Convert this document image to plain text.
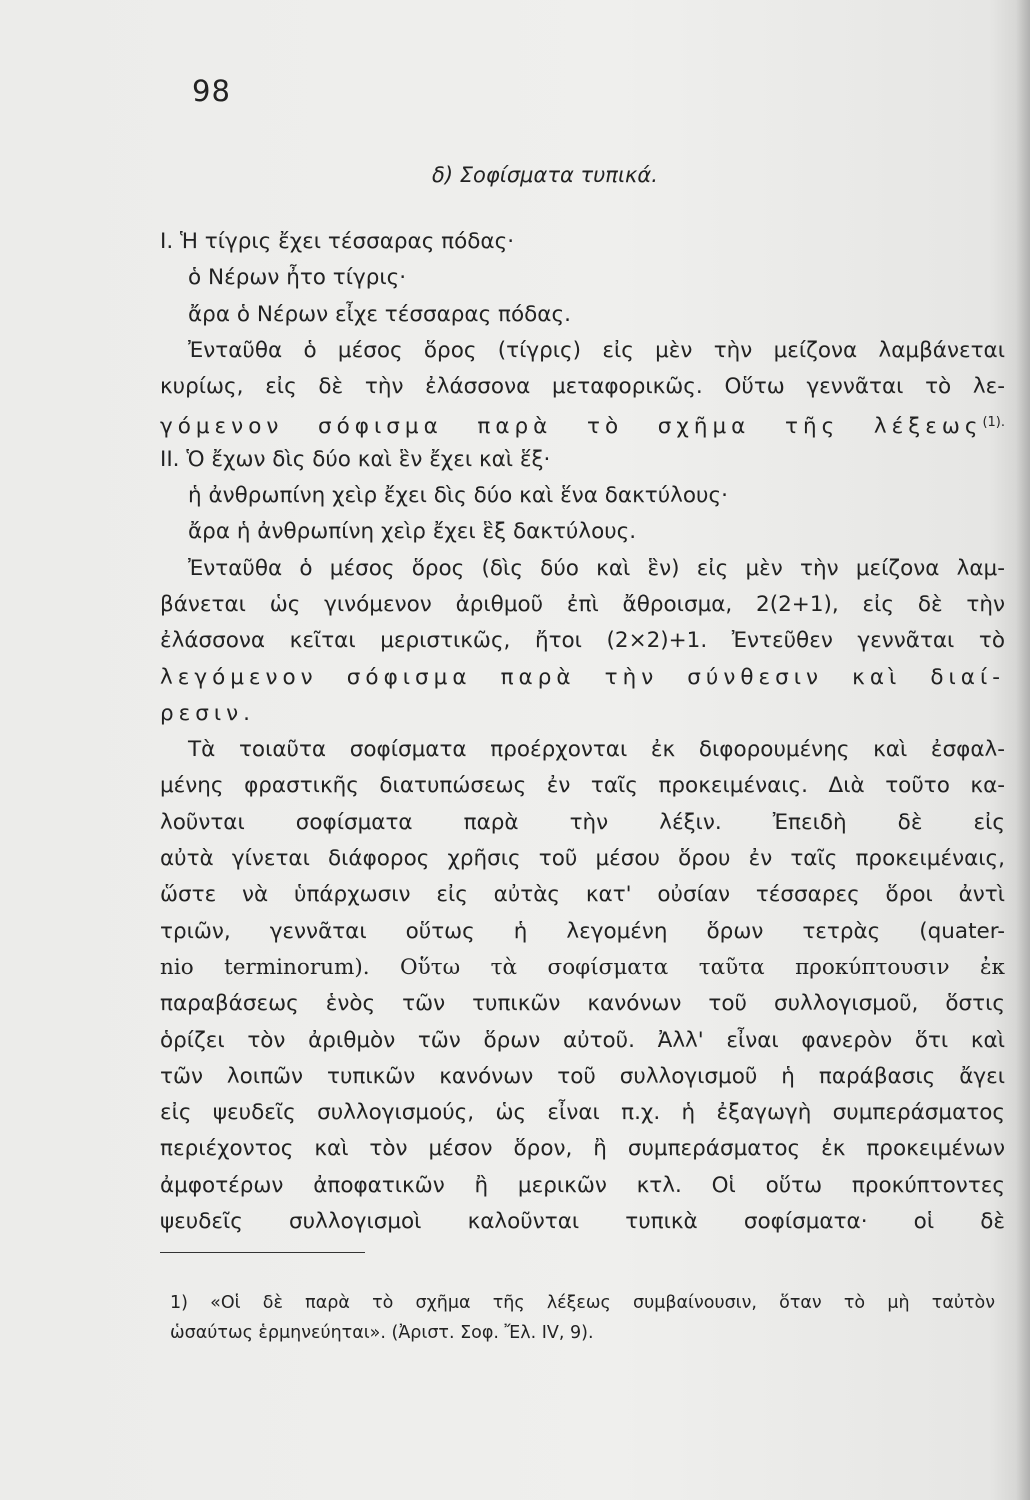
98
δ) Σοφίσματα τυπικά.
I. Ἡ τίγρις ἔχει τέσσαρας πόδας·
ὁ Νέρων ἦτο τίγρις·
ἄρα ὁ Νέρων εἶχε τέσσαρας πόδας.
Ἐνταῦθα ὁ μέσος ὅρος (τίγρις) εἰς μὲν τὴν μείζονα λαμβάνεται
κυρίως, εἰς δὲ τὴν ἐλάσσονα μεταφορικῶς. Οὕτω γεννᾶται τὸ λε-
γόμενον σόφισμα παρὰ τὸ σχῆμα τῆς λέξεως$^{(1).}$
II. Ὁ ἔχων δὶς δύο καὶ ἓν ἔχει καὶ ἕξ·
ἡ ἀνθρωπίνη χεὶρ ἔχει δὶς δύο καὶ ἕνα δακτύλους·
ἄρα ἡ ἀνθρωπίνη χεὶρ ἔχει ἓξ δακτύλους.
Ἐνταῦθα ὁ μέσος ὅρος (δὶς δύο καὶ ἓν) εἰς μὲν τὴν μείζονα λαμ-
βάνεται ὡς γινόμενον ἀριθμοῦ ἐπὶ ἄθροισμα, 2(2+1), εἰς δὲ τὴν
ἐλάσσονα κεῖται μεριστικῶς, ἤτοι (2×2)+1. Ἐντεῦθεν γεννᾶται τὸ
λεγόμενον σόφισμα παρὰ τὴν σύνθεσιν καὶ διαί-
ρεσιν.
Τὰ τοιαῦτα σοφίσματα προέρχονται ἐκ διφορουμένης καὶ ἐσφαλ-
μένης φραστικῆς διατυπώσεως ἐν ταῖς προκειμέναις. Διὰ τοῦτο κα-
λοῦνται σοφίσματα παρὰ τὴν λέξιν. Ἐπειδὴ δὲ εἰς
αὐτὰ γίνεται διάφορος χρῆσις τοῦ μέσου ὅρου ἐν ταῖς προκειμέναις,
ὥστε νὰ ὑπάρχωσιν εἰς αὐτὰς κατ' οὐσίαν τέσσαρες ὅροι ἀντὶ
τριῶν, γεννᾶται οὕτως ἡ λεγομένη ὅρων τετρὰς (quater-
nio terminorum). Οὕτω τὰ σοφίσματα ταῦτα προκύπτουσιν ἐκ
παραβάσεως ἑνὸς τῶν τυπικῶν κανόνων τοῦ συλλογισμοῦ, ὅστις
ὁρίζει τὸν ἀριθμὸν τῶν ὅρων αὐτοῦ. Ἀλλ' εἶναι φανερὸν ὅτι καὶ
τῶν λοιπῶν τυπικῶν κανόνων τοῦ συλλογισμοῦ ἡ παράβασις ἄγει
εἰς ψευδεῖς συλλογισμούς, ὡς εἶναι π.χ. ἡ ἐξαγωγὴ συμπεράσματος
περιέχοντος καὶ τὸν μέσον ὅρον, ἢ συμπεράσματος ἐκ προκειμένων
ἀμφοτέρων ἀποφατικῶν ἢ μερικῶν κτλ. Οἱ οὕτω προκύπτοντες
ψευδεῖς συλλογισμοὶ καλοῦνται τυπικὰ σοφίσματα· οἱ δὲ
1) «Οἱ δὲ παρὰ τὸ σχῆμα τῆς λέξεως συμβαίνουσιν, ὅταν τὸ μὴ ταὐτὸν
ὡσαύτως ἑρμηνεύηται». (Ἀριστ. Σοφ. Ἔλ. IV, 9).
